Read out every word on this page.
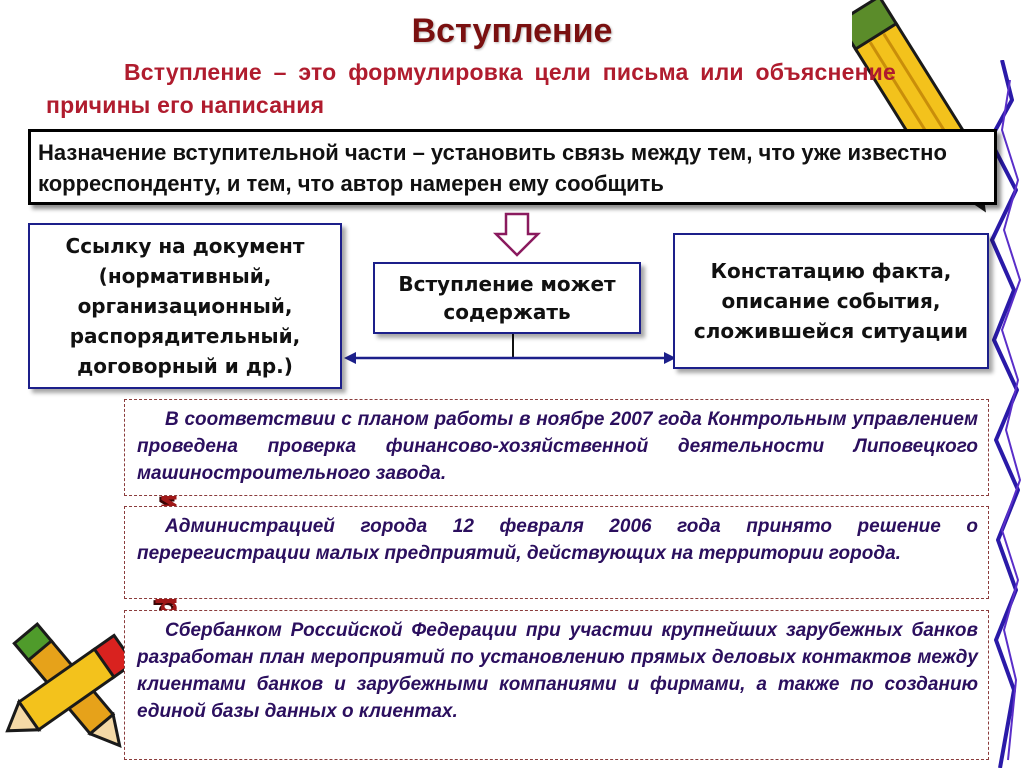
Вступление
Вступление – это формулировка цели письма или объяснение причины его написания
Назначение вступительной части – установить связь между тем, что уже известно корреспонденту, и тем, что автор намерен ему сообщить
Ссылку на документ (нормативный, организационный, распорядительный, договорный и др.)
Вступление может содержать
Констатацию факта, описание события, сложившейся ситуации
В соответствии с планом работы в ноябре 2007 года Контрольным управлением проведена проверка финансово-хозяйственной деятельности Липовецкого машиностроительного завода.
Администрацией города 12 февраля 2006 года принято решение о перерегистрации малых предприятий, действующих на территории города.
Сбербанком Российской Федерации при участии крупнейших зарубежных банков разработан план мероприятий по установлению прямых деловых контактов между клиентами банков и зарубежными компаниями и фирмами, а также по созданию единой базы данных о клиентах.
